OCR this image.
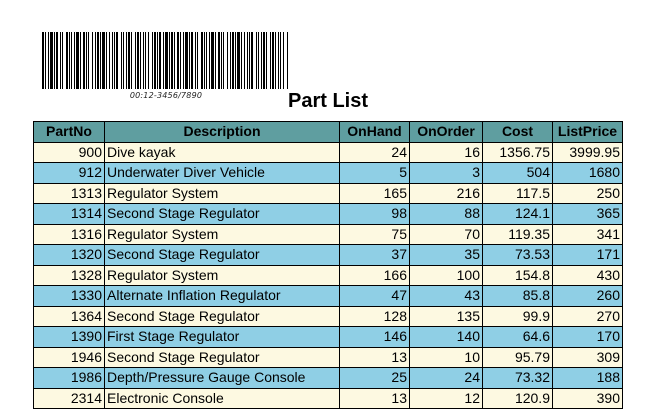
00:12-3456/7890	Part List
PartNo	Description	OnHand	OnOrder	Cost	ListPrice
900	Dive kayak	24	16	1356.75	3999.95
912	Underwater Diver Vehicle	5	3	504	1680
1313	Regulator System	165	216	117.5	250
1314	Second Stage Regulator	98	88	124.1	365
1316	Regulator System	75	70	119.35	341
1320	Second Stage Regulator	37	35	73.53	171
1328	Regulator System	166	100	154.8	430
1330	Alternate Inflation Regulator	47	43	85.8	260
1364	Second Stage Regulator	128	135	99.9	270
1390	First Stage Regulator	146	140	64.6	170
1946	Second Stage Regulator	13	10	95.79	309
1986	Depth/Pressure Gauge Console	25	24	73.32	188
2314	Electronic Console	13	12	120.9	390
